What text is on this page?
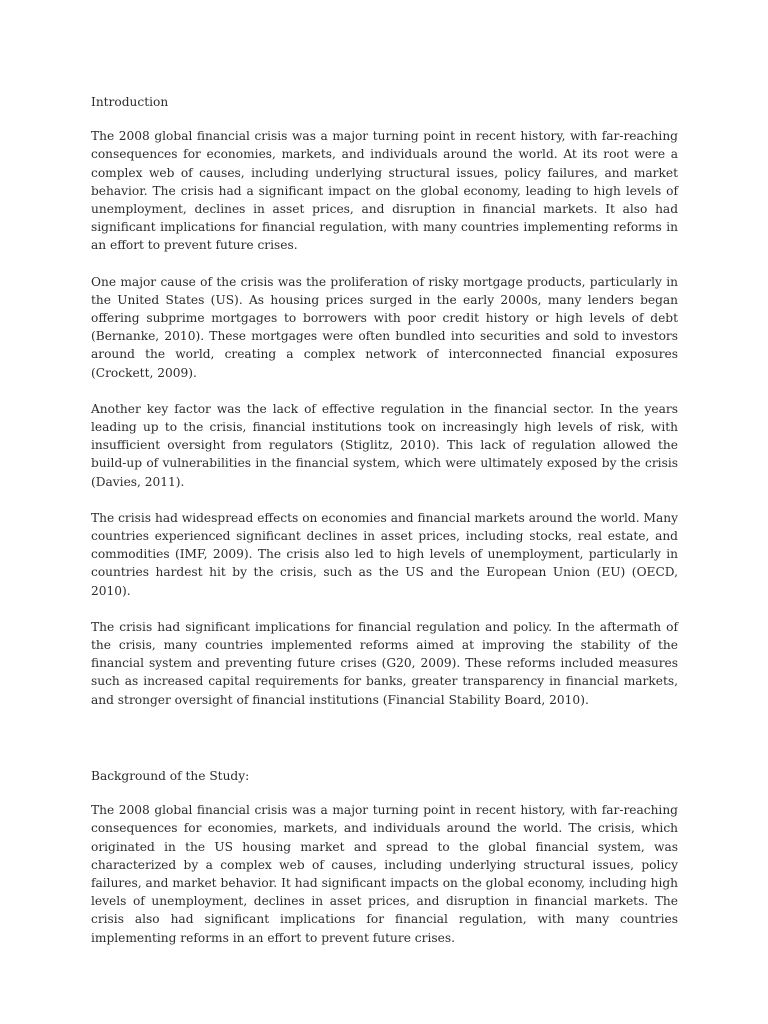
Introduction

The 2008 global financial crisis was a major turning point in recent history, with far-reaching consequences for economies, markets, and individuals around the world. At its root were a complex web of causes, including underlying structural issues, policy failures, and market behavior. The crisis had a significant impact on the global economy, leading to high levels of unemployment, declines in asset prices, and disruption in financial markets. It also had significant implications for financial regulation, with many countries implementing reforms in an effort to prevent future crises.

One major cause of the crisis was the proliferation of risky mortgage products, particularly in the United States (US). As housing prices surged in the early 2000s, many lenders began offering subprime mortgages to borrowers with poor credit history or high levels of debt (Bernanke, 2010). These mortgages were often bundled into securities and sold to investors around the world, creating a complex network of interconnected financial exposures (Crockett, 2009).

Another key factor was the lack of effective regulation in the financial sector. In the years leading up to the crisis, financial institutions took on increasingly high levels of risk, with insufficient oversight from regulators (Stiglitz, 2010). This lack of regulation allowed the build-up of vulnerabilities in the financial system, which were ultimately exposed by the crisis (Davies, 2011).

The crisis had widespread effects on economies and financial markets around the world. Many countries experienced significant declines in asset prices, including stocks, real estate, and commodities (IMF, 2009). The crisis also led to high levels of unemployment, particularly in countries hardest hit by the crisis, such as the US and the European Union (EU) (OECD, 2010).

The crisis had significant implications for financial regulation and policy. In the aftermath of the crisis, many countries implemented reforms aimed at improving the stability of the financial system and preventing future crises (G20, 2009). These reforms included measures such as increased capital requirements for banks, greater transparency in financial markets, and stronger oversight of financial institutions (Financial Stability Board, 2010).

Background of the Study:

The 2008 global financial crisis was a major turning point in recent history, with far-reaching consequences for economies, markets, and individuals around the world. The crisis, which originated in the US housing market and spread to the global financial system, was characterized by a complex web of causes, including underlying structural issues, policy failures, and market behavior. It had significant impacts on the global economy, including high levels of unemployment, declines in asset prices, and disruption in financial markets. The crisis also had significant implications for financial regulation, with many countries implementing reforms in an effort to prevent future crises.
